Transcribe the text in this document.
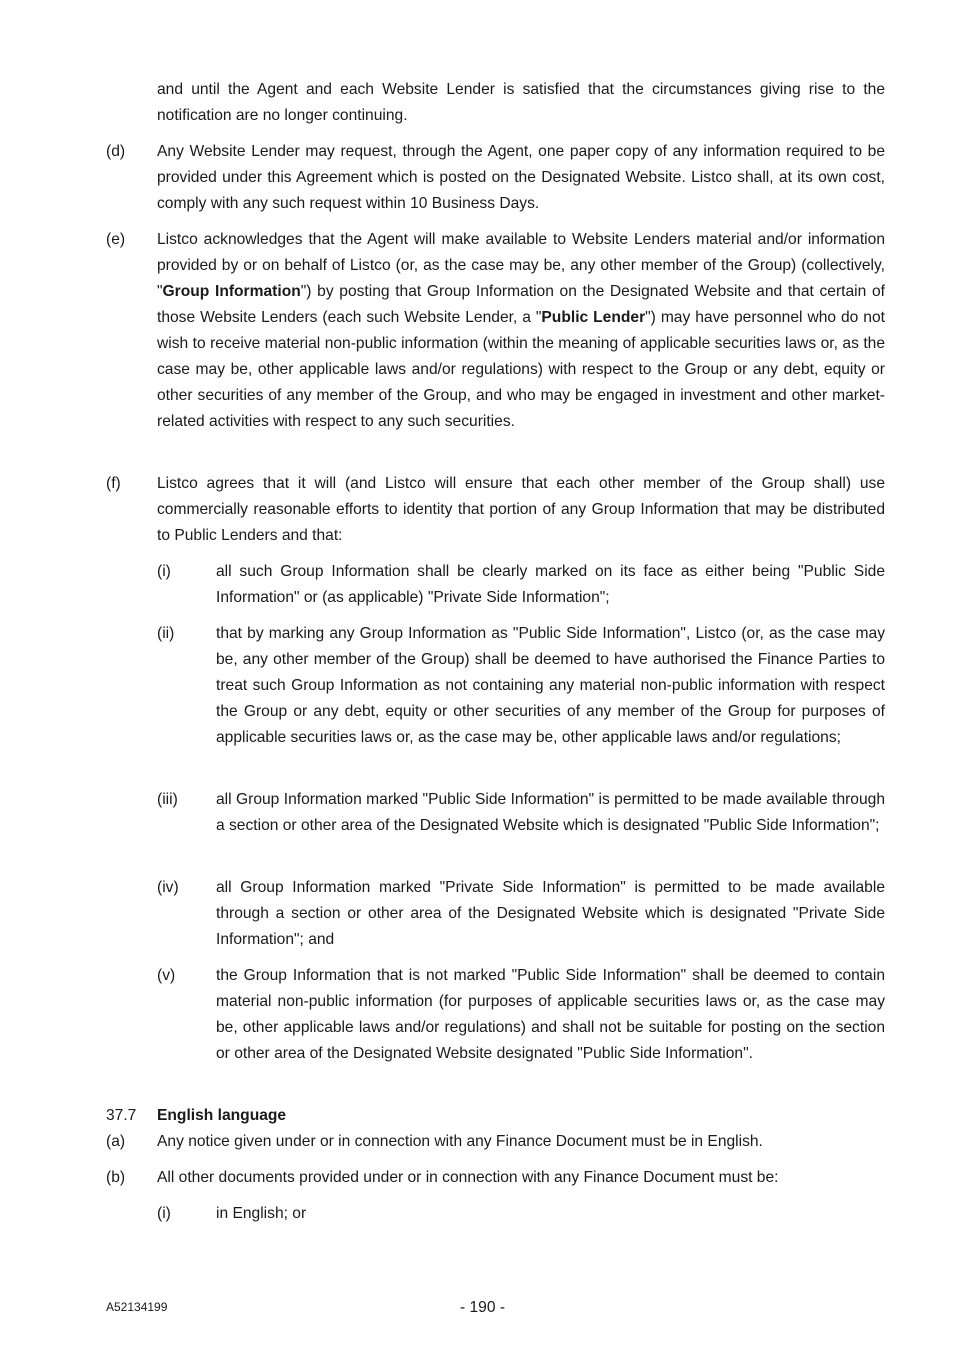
and until the Agent and each Website Lender is satisfied that the circumstances giving rise to the notification are no longer continuing.
(d) Any Website Lender may request, through the Agent, one paper copy of any information required to be provided under this Agreement which is posted on the Designated Website. Listco shall, at its own cost, comply with any such request within 10 Business Days.
(e) Listco acknowledges that the Agent will make available to Website Lenders material and/or information provided by or on behalf of Listco (or, as the case may be, any other member of the Group) (collectively, "Group Information") by posting that Group Information on the Designated Website and that certain of those Website Lenders (each such Website Lender, a "Public Lender") may have personnel who do not wish to receive material non-public information (within the meaning of applicable securities laws or, as the case may be, other applicable laws and/or regulations) with respect to the Group or any debt, equity or other securities of any member of the Group, and who may be engaged in investment and other market-related activities with respect to any such securities.
(f) Listco agrees that it will (and Listco will ensure that each other member of the Group shall) use commercially reasonable efforts to identity that portion of any Group Information that may be distributed to Public Lenders and that:
(i)	all such Group Information shall be clearly marked on its face as either being "Public Side Information" or (as applicable) "Private Side Information";
(ii)	that by marking any Group Information as "Public Side Information", Listco (or, as the case may be, any other member of the Group) shall be deemed to have authorised the Finance Parties to treat such Group Information as not containing any material non-public information with respect the Group or any debt, equity or other securities of any member of the Group for purposes of applicable securities laws or, as the case may be, other applicable laws and/or regulations;
(iii) all Group Information marked "Public Side Information" is permitted to be made available through a section or other area of the Designated Website which is designated "Public Side Information";
(iv) all Group Information marked "Private Side Information" is permitted to be made available through a section or other area of the Designated Website which is designated "Private Side Information"; and
(v)	the Group Information that is not marked "Public Side Information" shall be deemed to contain material non-public information (for purposes of applicable securities laws or, as the case may be, other applicable laws and/or regulations) and shall not be suitable for posting on the section or other area of the Designated Website designated "Public Side Information".
37.7 English language
(a) Any notice given under or in connection with any Finance Document must be in English.
(b) All other documents provided under or in connection with any Finance Document must be:
(i)	in English; or
A52134199	- 190 -
